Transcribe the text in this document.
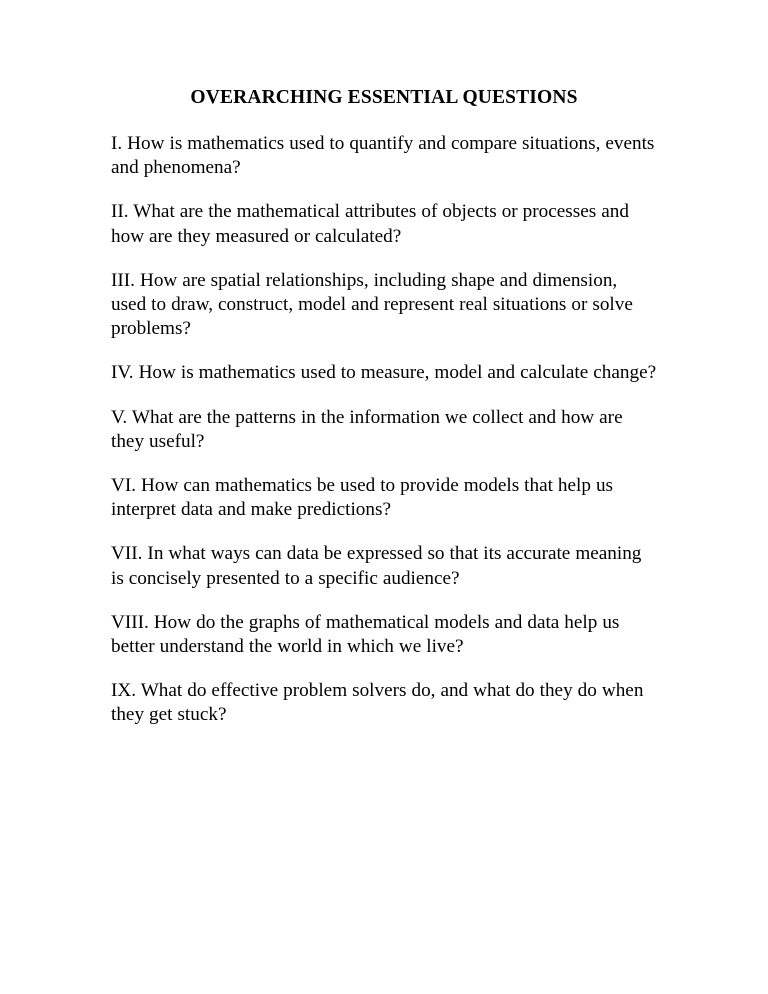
OVERARCHING ESSENTIAL QUESTIONS
I. How is mathematics used to quantify and compare situations, events and phenomena?
II. What are the mathematical attributes of objects or processes and how are they measured or calculated?
III. How are spatial relationships, including shape and dimension, used to draw, construct, model and represent real situations or solve problems?
IV. How is mathematics used to measure, model and calculate change?
V. What are the patterns in the information we collect and how are they useful?
VI. How can mathematics be used to provide models that help us interpret data and make predictions?
VII. In what ways can data be expressed so that its accurate meaning is concisely presented to a specific audience?
VIII. How do the graphs of mathematical models and data help us better understand the world in which we live?
IX. What do effective problem solvers do, and what do they do when they get stuck?
